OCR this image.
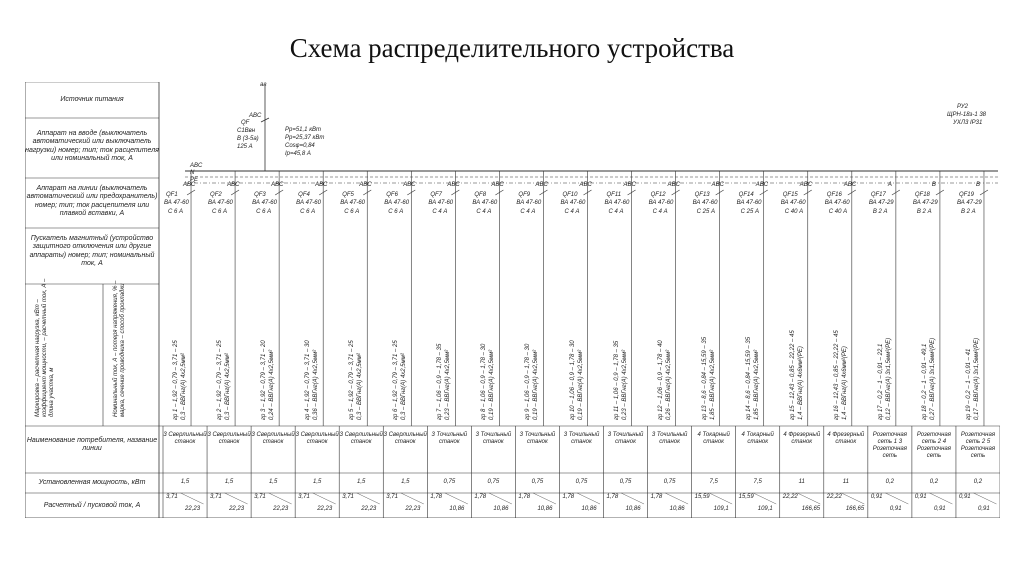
Схема распределительного устройства
Источник питания
Аппарат на вводе (выключатель автоматический или выключатель нагрузки) номер; тип; ток расцепителя или номинальный ток, А
Аппарат на линии (выключатель автоматический или предохранитель) номер; тип; ток расцепителя или плавкой вставки, А
Пускатель магнитный (устройство защитного отключения или другие аппараты) номер; тип; номинальный ток, А
Маркировка – расчетная нагрузка, кВт – коэффициент мощности, – расчетный ток, А – длина участка, м	Номинальный ток, А – потеря напряжения, % – марка, сечение проводника – способ прокладки
Наименование потребителя, название линии
Установленная мощность, кВт
Расчетный / пусковой ток, А
ав
ABC
QF
С1Ввн
В (3-5а)
125 А
Рр=51,1 кВт
Рр=25,37 кВт
Cosφ=0,84
Iр=45,8 А
РУ2
ЩРН-18з-1 38
УХЛ3 IP31
ABC
N
PE
ABC
QF1
ВА 47-60
С 6 А
гр 1 – 1,92 – 0,79 – 3,71 – 25 0,3 – ВВГнг(А) 4х2,5мм²
3 Сверлильный станок
1,5
3,71
22,23
ABC
QF2
ВА 47-60
С 6 А
гр 2 – 1,92 – 0,79 – 3,71 – 25 0,3 – ВВГнг(А) 4х2,5мм²
3 Сверлильный станок
1,5
3,71
22,23
ABC
QF3
ВА 47-60
С 6 А
гр 3 – 1,92 – 0,79 – 3,71 – 20 0,24 – ВВГнг(А) 4х2,5мм²
3 Сверлильный станок
1,5
3,71
22,23
ABC
QF4
ВА 47-60
С 6 А
гр 4 – 1,92 – 0,79 – 3,71 – 30 0,36 – ВВГнг(А) 4х2,5мм²
3 Сверлильный станок
1,5
3,71
22,23
ABC
QF5
ВА 47-60
С 6 А
гр 5 – 1,92 – 0,79 – 3,71 – 25 0,3 – ВВГнг(А) 4х2,5мм²
3 Сверлильный станок
1,5
3,71
22,23
ABC
QF6
ВА 47-60
С 6 А
гр 6 – 1,92 – 0,79 – 3,71 – 25 0,3 – ВВГнг(А) 4х2,5мм²
3 Сверлильный станок
1,5
3,71
22,23
ABC
QF7
ВА 47-60
С 4 А
гр 7 – 1,06 – 0,9 – 1,78 – 35 0,23 – ВВГнг(А) 4х2,5мм²
3 Точильный станок
0,75
1,78
10,86
ABC
QF8
ВА 47-60
С 4 А
гр 8 – 1,06 – 0,9 – 1,78 – 30 0,19 – ВВГнг(А) 4х2,5мм²
3 Точильный станок
0,75
1,78
10,86
ABC
QF9
ВА 47-60
С 4 А
гр 9 – 1,06 – 0,9 – 1,78 – 30 0,19 – ВВГнг(А) 4х2,5мм²
3 Точильный станок
0,75
1,78
10,86
ABC
QF10
ВА 47-60
С 4 А
гр 10 – 1,06 – 0,9 – 1,78 – 30 0,19 – ВВГнг(А) 4х2,5мм²
3 Точильный станок
0,75
1,78
10,86
ABC
QF11
ВА 47-60
С 4 А
гр 11 – 1,06 – 0,9 – 1,78 – 35 0,23 – ВВГнг(А) 4х2,5мм²
3 Точильный станок
0,75
1,78
10,86
ABC
QF12
ВА 47-60
С 4 А
гр 12 – 1,06 – 0,9 – 1,78 – 40 0,26 – ВВГнг(А) 4х2,5мм²
3 Точильный станок
0,75
1,78
10,86
ABC
QF13
ВА 47-60
С 25 А
гр 13 – 8,6 – 0,84 – 15,59 – 35 1,85 – ВВГнг(А) 4х2,5мм²
4 Токарный станок
7,5
15,59
109,1
ABC
QF14
ВА 47-60
С 25 А
гр 14 – 8,6 – 0,84 – 15,59 – 35 1,85 – ВВГнг(А) 4х2,5мм²
4 Токарный станок
7,5
15,59
109,1
ABC
QF15
ВА 47-60
С 40 А
гр 15 – 12,43 – 0,85 – 22,22 – 45 1,4 – ВВГнг(А) 4х6мм²(РЕ)
4 Фрезерный станок
11
22,22
166,65
ABC
QF16
ВА 47-60
С 40 А
гр 16 – 12,43 – 0,85 – 22,22 – 45 1,4 – ВВГнг(А) 4х6мм²(РЕ)
4 Фрезерный станок
11
22,22
166,65
A
QF17
ВА 47-29
В 2 А
гр 17 – 0,2 – 1 – 0,91 – 22,1 0,12 – ВВГнг(А) 3х1,5мм²(РЕ)
Розеточная сеть 1 3 Розеточная сеть
0,2
0,91
0,91
B
QF18
ВА 47-29
В 2 А
гр 18 – 0,2 – 1 – 0,91 – 49,1 0,27 – ВВГнг(А) 3х1,5мм²(РЕ)
Розеточная сеть 2 4 Розеточная сеть
0,2
0,91
0,91
B
QF19
ВА 47-29
В 2 А
гр 19 – 0,2 – 1 – 0,91 – 41 0,17 – ВВГнг(А) 3х1,5мм²(РЕ)
Розеточная сеть 2 5 Розеточная сеть
0,2
0,91
0,91
